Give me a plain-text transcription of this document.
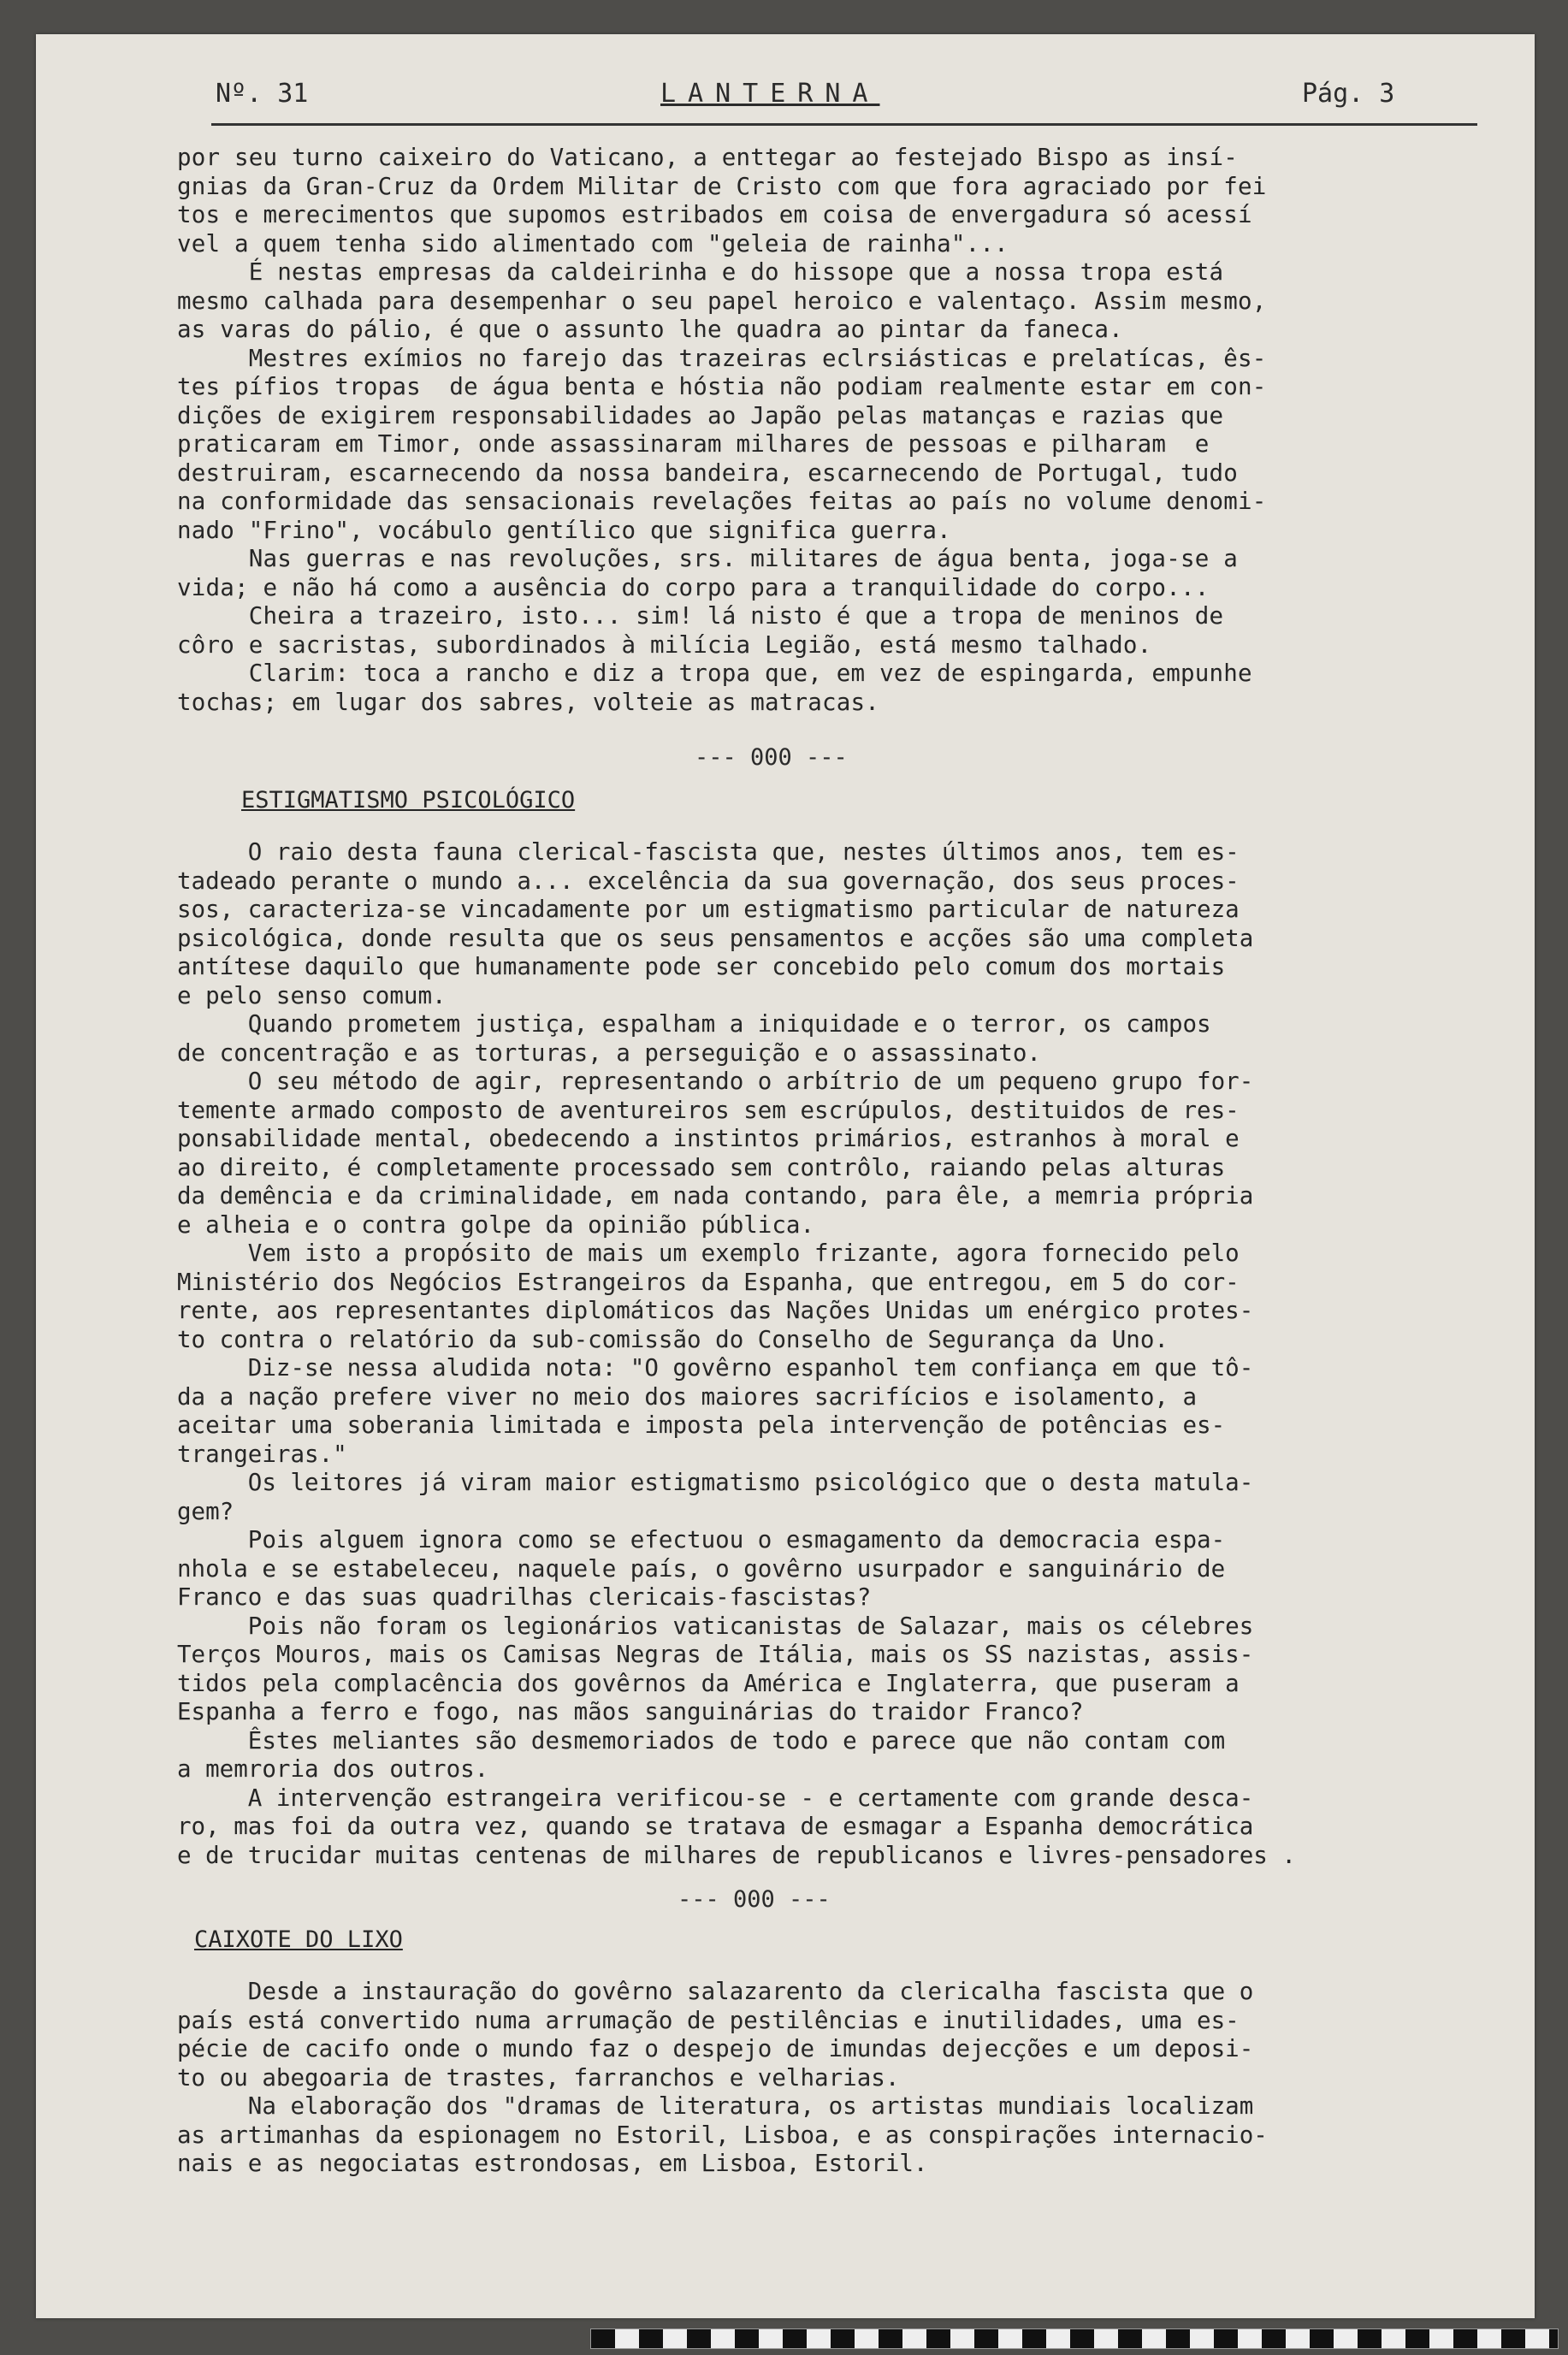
Nº. 31	LANTERNA	Pág. 3
por seu turno caixeiro do Vaticano, a enttegar ao festejado Bispo as insí-
gnias da Gran-Cruz da Ordem Militar de Cristo com que fora agraciado por fei
tos e merecimentos que supomos estribados em coisa de envergadura só acessí
vel a quem tenha sido alimentado com "geleia de rainha"...
É nestas empresas da caldeirinha e do hissope que a nossa tropa está
mesmo calhada para desempenhar o seu papel heroico e valentaço. Assim mesmo,
as varas do pálio, é que o assunto lhe quadra ao pintar da faneca.
Mestres exímios no farejo das trazeiras eclrsiásticas e prelatícas, ês-
tes pífios tropas  de água benta e hóstia não podiam realmente estar em con-
dições de exigirem responsabilidades ao Japão pelas matanças e razias que
praticaram em Timor, onde assassinaram milhares de pessoas e pilharam  e
destruiram, escarnecendo da nossa bandeira, escarnecendo de Portugal, tudo
na conformidade das sensacionais revelações feitas ao país no volume denomi-
nado "Frino", vocábulo gentílico que significa guerra.
Nas guerras e nas revoluções, srs. militares de água benta, joga-se a
vida; e não há como a ausência do corpo para a tranquilidade do corpo...
Cheira a trazeiro, isto... sim! lá nisto é que a tropa de meninos de
côro e sacristas, subordinados à milícia Legião, está mesmo talhado.
Clarim: toca a rancho e diz a tropa que, em vez de espingarda, empunhe
tochas; em lugar dos sabres, volteie as matracas.
--- 000 ---
ESTIGMATISMO PSICOLÓGICO
O raio desta fauna clerical-fascista que, nestes últimos anos, tem es-
tadeado perante o mundo a... excelência da sua governação, dos seus proces-
sos, caracteriza-se vincadamente por um estigmatismo particular de natureza
psicológica, donde resulta que os seus pensamentos e acções são uma completa
antítese daquilo que humanamente pode ser concebido pelo comum dos mortais
e pelo senso comum.
Quando prometem justiça, espalham a iniquidade e o terror, os campos
de concentração e as torturas, a perseguição e o assassinato.
O seu método de agir, representando o arbítrio de um pequeno grupo for-
temente armado composto de aventureiros sem escrúpulos, destituidos de res-
ponsabilidade mental, obedecendo a instintos primários, estranhos à moral e
ao direito, é completamente processado sem contrôlo, raiando pelas alturas
da demência e da criminalidade, em nada contando, para êle, a memria própria
e alheia e o contra golpe da opinião pública.
Vem isto a propósito de mais um exemplo frizante, agora fornecido pelo
Ministério dos Negócios Estrangeiros da Espanha, que entregou, em 5 do cor-
rente, aos representantes diplomáticos das Nações Unidas um enérgico protes-
to contra o relatório da sub-comissão do Conselho de Segurança da Uno.
Diz-se nessa aludida nota: "O govêrno espanhol tem confiança em que tô-
da a nação prefere viver no meio dos maiores sacrifícios e isolamento, a
aceitar uma soberania limitada e imposta pela intervenção de potências es-
trangeiras."
Os leitores já viram maior estigmatismo psicológico que o desta matula-
gem?
Pois alguem ignora como se efectuou o esmagamento da democracia espa-
nhola e se estabeleceu, naquele país, o govêrno usurpador e sanguinário de
Franco e das suas quadrilhas clericais-fascistas?
Pois não foram os legionários vaticanistas de Salazar, mais os célebres
Terços Mouros, mais os Camisas Negras de Itália, mais os SS nazistas, assis-
tidos pela complacência dos govêrnos da América e Inglaterra, que puseram a
Espanha a ferro e fogo, nas mãos sanguinárias do traidor Franco?
Êstes meliantes são desmemoriados de todo e parece que não contam com
a memroria dos outros.
A intervenção estrangeira verificou-se - e certamente com grande desca-
ro, mas foi da outra vez, quando se tratava de esmagar a Espanha democrática
e de trucidar muitas centenas de milhares de republicanos e livres-pensadores .
--- 000 ---
CAIXOTE DO LIXO
Desde a instauração do govêrno salazarento da clericalha fascista que o
país está convertido numa arrumação de pestilências e inutilidades, uma es-
pécie de cacifo onde o mundo faz o despejo de imundas dejecções e um deposi-
to ou abegoaria de trastes, farranchos e velharias.
Na elaboração dos "dramas de literatura, os artistas mundiais localizam
as artimanhas da espionagem no Estoril, Lisboa, e as conspirações internacio-
nais e as negociatas estrondosas, em Lisboa, Estoril.
